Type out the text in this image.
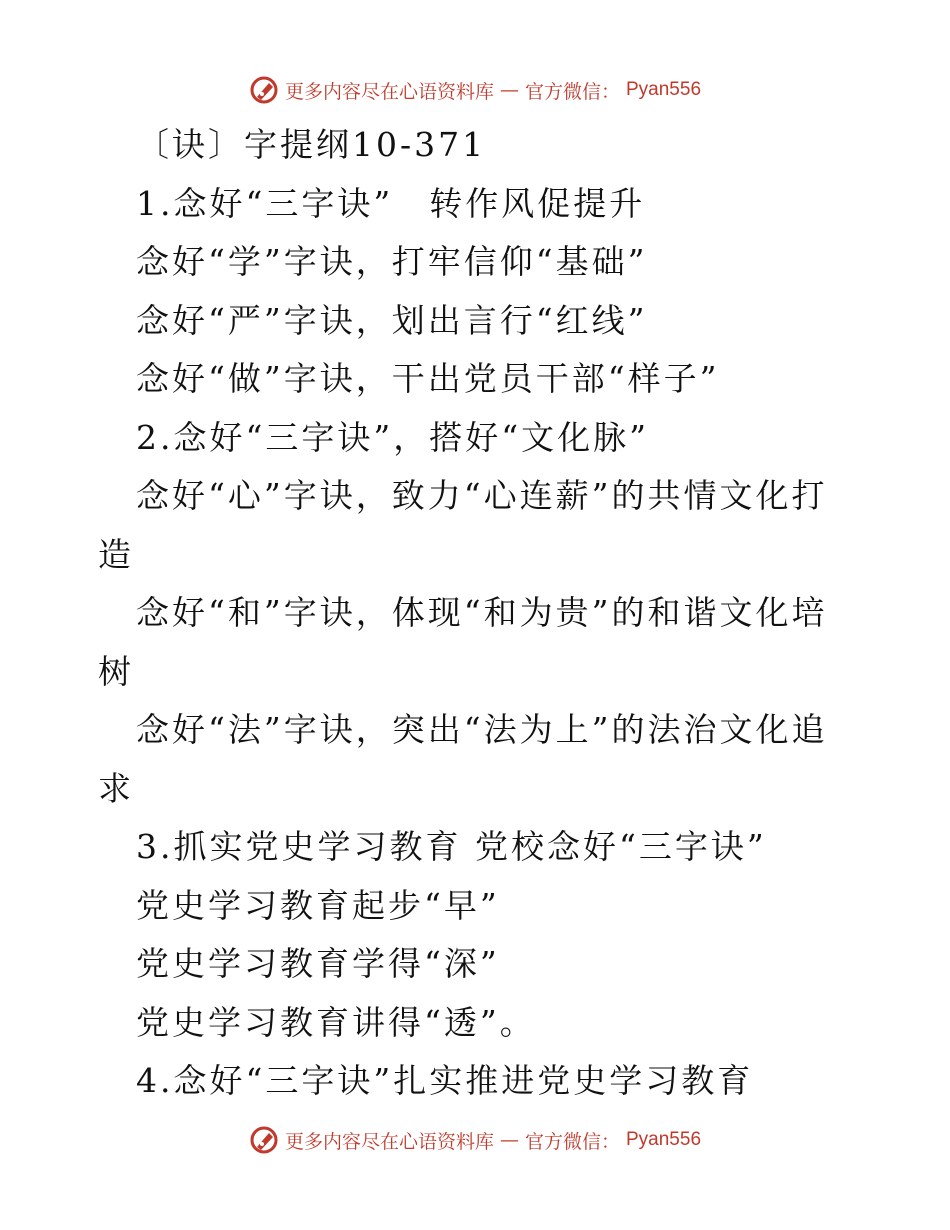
更多内容尽在心语资料库 — 官方微信： Pyan556

〔诀〕字提纲10-371

1.念好“三字诀”　转作风促提升

念好“学”字诀，打牢信仰“基础”

念好“严”字诀，划出言行“红线”

念好“做”字诀，干出党员干部“样子”

2.念好“三字诀”，搭好“文化脉”

念好“心”字诀，致力“心连薪”的共情文化打造

念好“和”字诀，体现“和为贵”的和谐文化培树

念好“法”字诀，突出“法为上”的法治文化追求

3.抓实党史学习教育 党校念好“三字诀”

党史学习教育起步“早”

党史学习教育学得“深”

党史学习教育讲得“透”。

4.念好“三字诀”扎实推进党史学习教育

更多内容尽在心语资料库 — 官方微信： Pyan556
